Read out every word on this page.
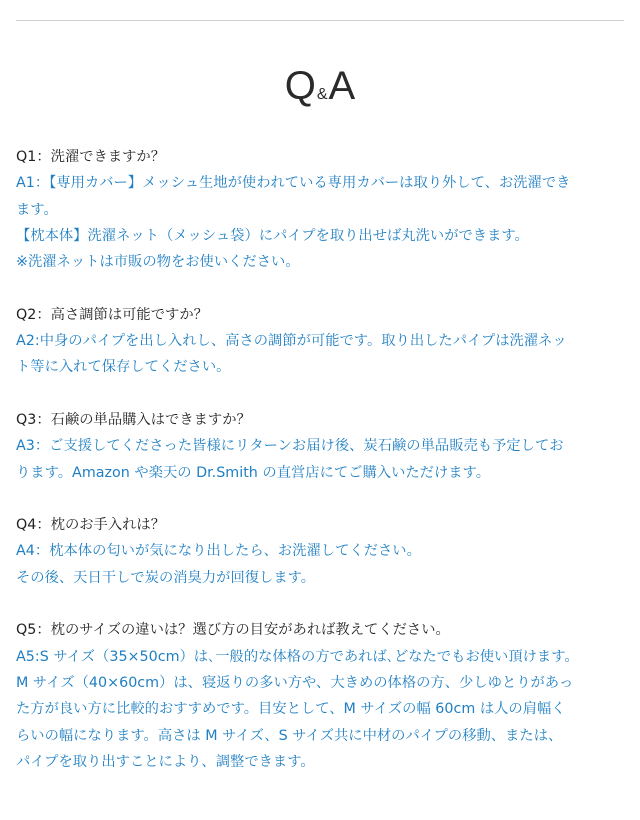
Q&A
Q1：洗濯できますか？
A1：【専用カバー】メッシュ生地が使われている専用カバーは取り外して、お洗濯でき
ます。
【枕本体】洗濯ネット（メッシュ袋）にパイプを取り出せば丸洗いができます。
※洗濯ネットは市販の物をお使いください。
Q2：高さ調節は可能ですか？
A2:中身のパイプを出し入れし、高さの調節が可能です。取り出したパイプは洗濯ネッ
ト等に入れて保存してください。
Q3：石鹸の単品購入はできますか？
A3：ご支援してくださった皆様にリターンお届け後、炭石鹸の単品販売も予定してお
ります。Amazon や楽天の Dr.Smith の直営店にてご購入いただけます。
Q4：枕のお手入れは？
A4：枕本体の匂いが気になり出したら、お洗濯してください。
その後、天日干しで炭の消臭力が回復します。
Q5：枕のサイズの違いは？選び方の目安があれば教えてください。
A5:S サイズ（35×50cm）は､一般的な体格の方であれば､どなたでもお使い頂けます。
M サイズ（40×60cm）は、寝返りの多い方や、大きめの体格の方、少しゆとりがあっ
た方が良い方に比較的おすすめです。目安として、M サイズの幅 60cm は人の肩幅く
らいの幅になります。高さは M サイズ、S サイズ共に中材のパイプの移動、または、
パイプを取り出すことにより、調整できます。
